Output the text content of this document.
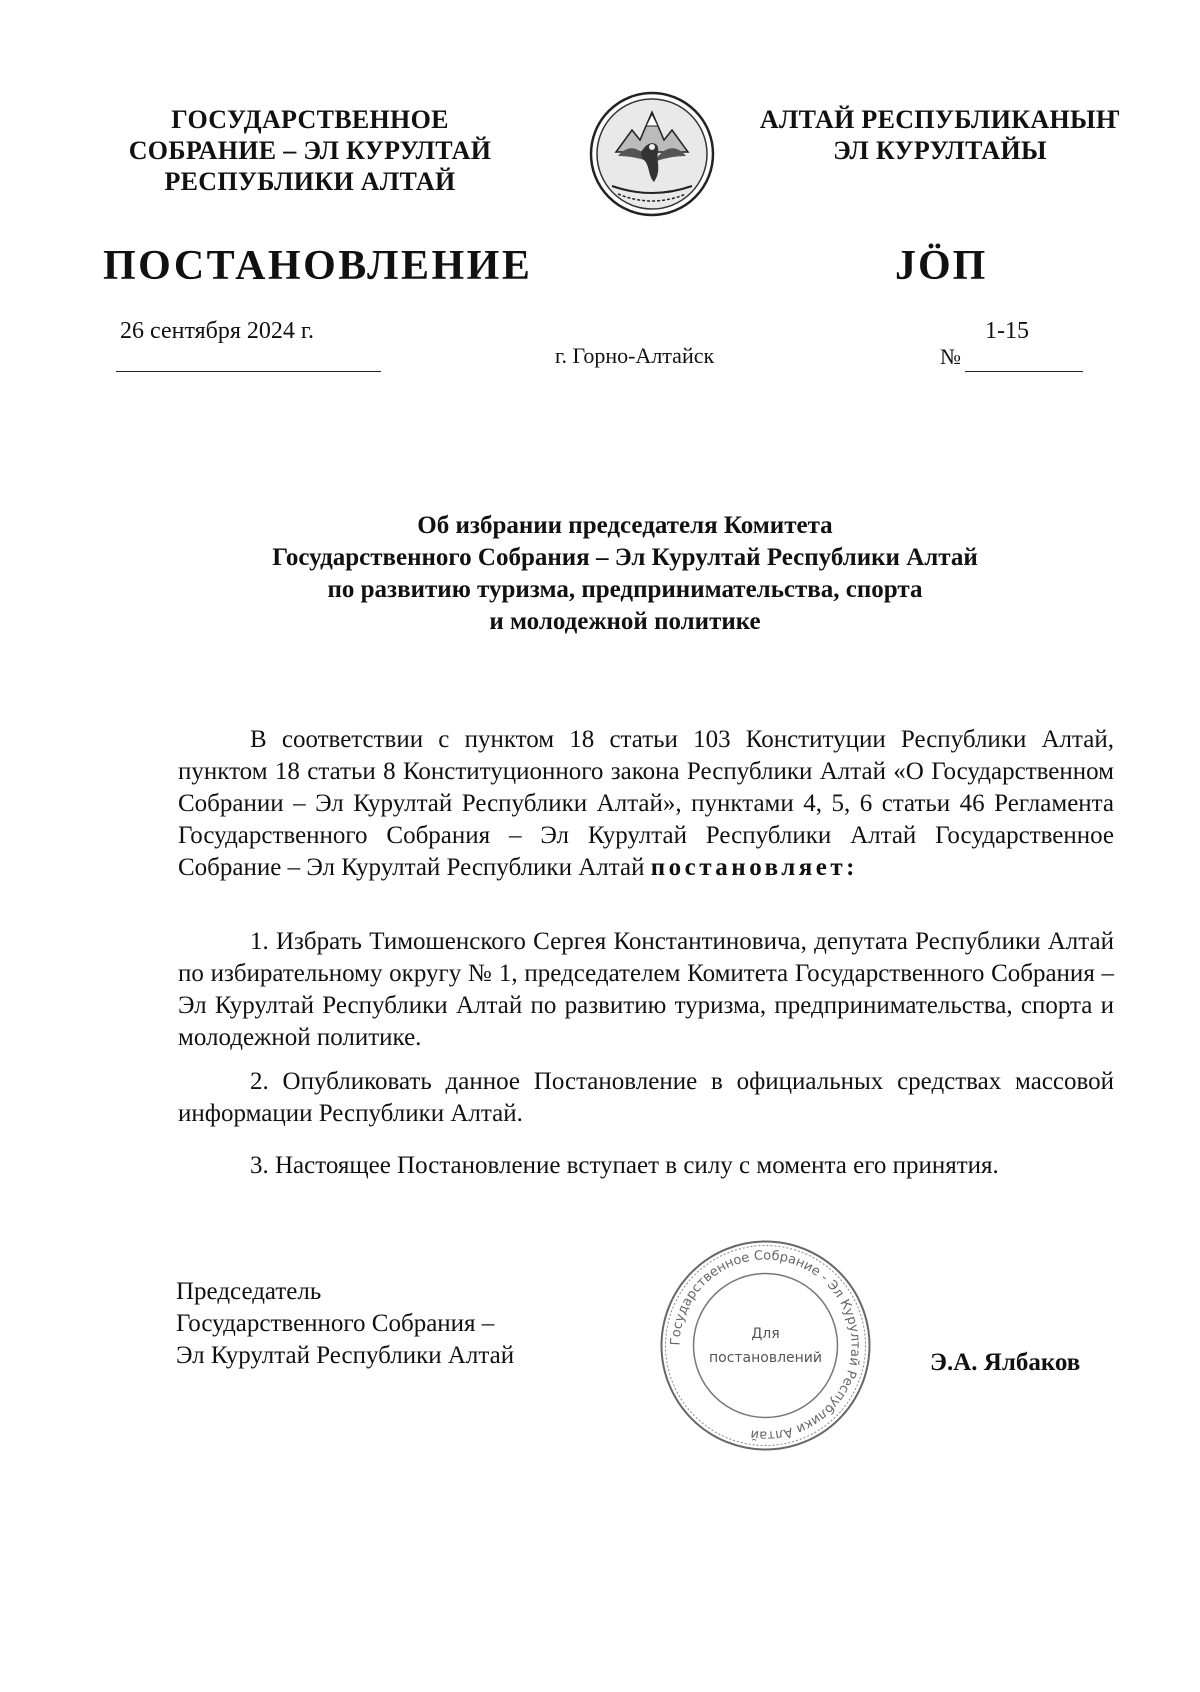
ГОСУДАРСТВЕННОЕ
СОБРАНИЕ – ЭЛ КУРУЛТАЙ
РЕСПУБЛИКИ АЛТАЙ
АЛТАЙ РЕСПУБЛИКАНЫҤ
ЭЛ КУРУЛТАЙЫ
ПОСТАНОВЛЕНИЕ	JÖП
26 сентября 2024 г.
г. Горно-Алтайск	№
1-15
Об избрании председателя Комитета
Государственного Собрания – Эл Курултай Республики Алтай
по развитию туризма, предпринимательства, спорта
и молодежной политике
В соответствии с пунктом 18 статьи 103 Конституции Республики Алтай, пунктом 18 статьи 8 Конституционного закона Республики Алтай «О Государственном Собрании – Эл Курултай Республики Алтай», пунктами 4, 5, 6 статьи 46 Регламента Государственного Собрания – Эл Курултай Республики Алтай Государственное Собрание – Эл Курултай Республики Алтай постановляет:
1. Избрать Тимошенского Сергея Константиновича, депутата Республики Алтай по избирательному округу № 1, председателем Комитета Государственного Собрания – Эл Курултай Республики Алтай по развитию туризма, предпринимательства, спорта и молодежной политике.
2. Опубликовать данное Постановление в официальных средствах массовой информации Республики Алтай.
3. Настоящее Постановление вступает в силу с момента его принятия.
Председатель
Государственного Собрания –
Эл Курултай Республики Алтай
Государственное Собрание - Эл Курултай Республики Алтай
Для
постановлений	Э.А. Ялбаков
